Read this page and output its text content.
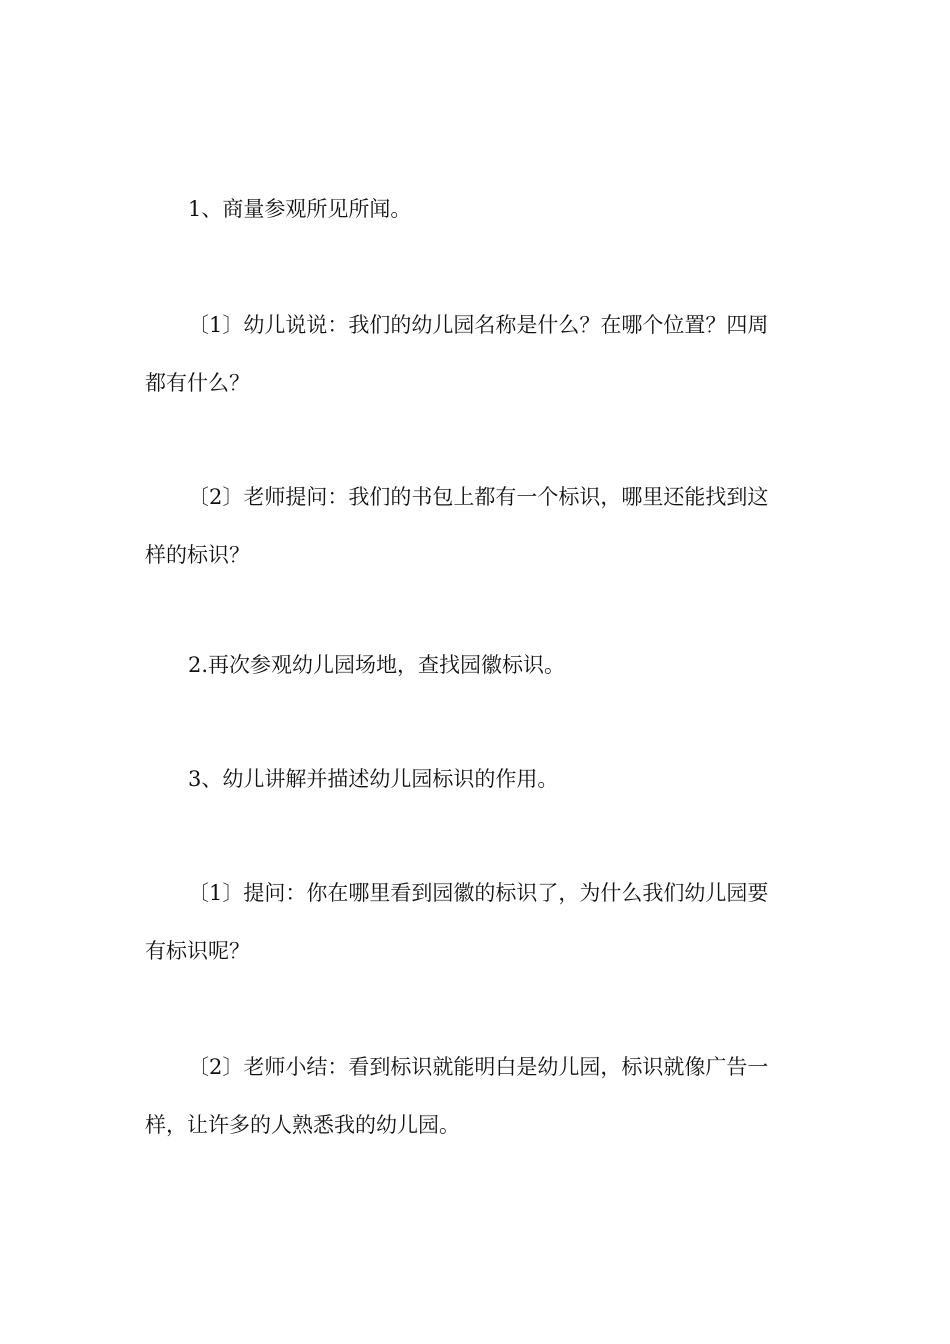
1、商量参观所见所闻。

〔1〕幼儿说说：我们的幼儿园名称是什么？在哪个位置？四周
都有什么？

〔2〕老师提问：我们的书包上都有一个标识，哪里还能找到这
样的标识？

2.再次参观幼儿园场地，查找园徽标识。

3、幼儿讲解并描述幼儿园标识的作用。

〔1〕提问：你在哪里看到园徽的标识了，为什么我们幼儿园要
有标识呢？

〔2〕老师小结：看到标识就能明白是幼儿园，标识就像广告一
样，让许多的人熟悉我的幼儿园。
